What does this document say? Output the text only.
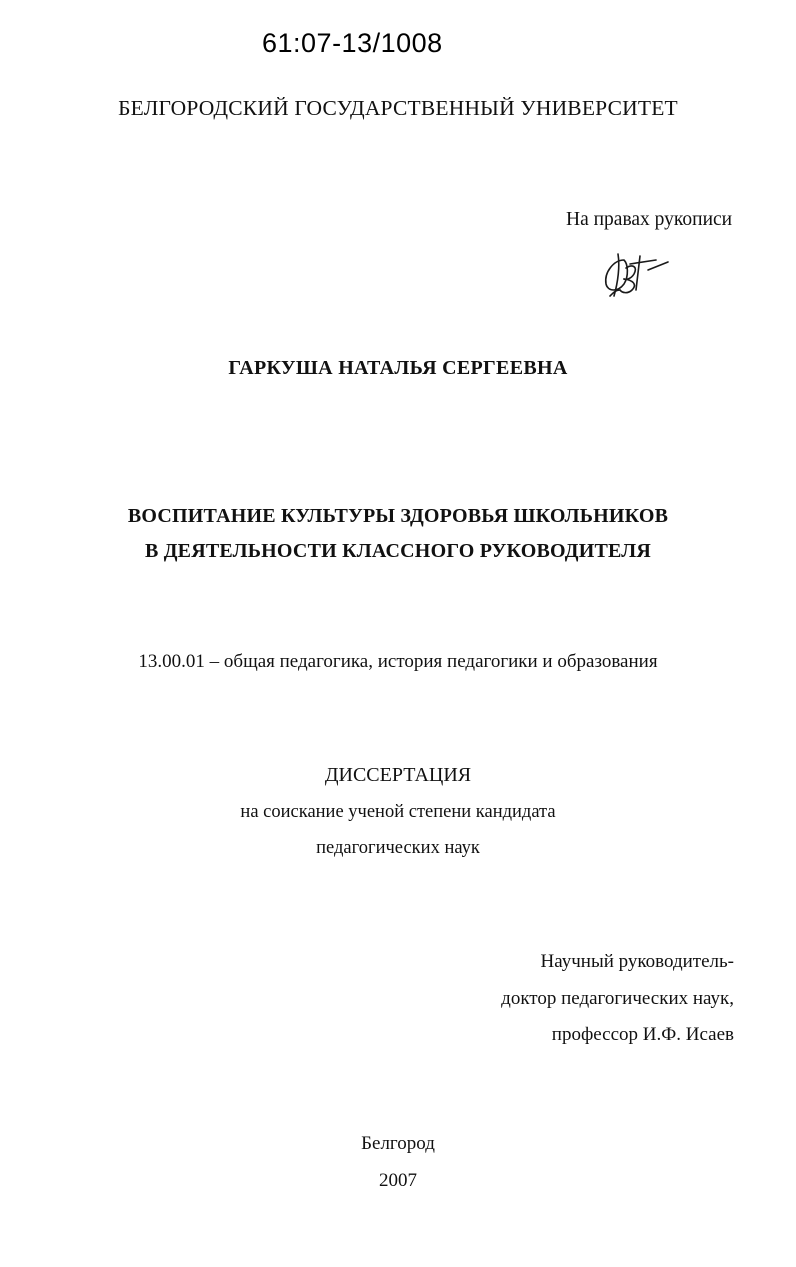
61:07-13/1008
БЕЛГОРОДСКИЙ ГОСУДАРСТВЕННЫЙ УНИВЕРСИТЕТ
На правах рукописи
ГАРКУША НАТАЛЬЯ СЕРГЕЕВНА
ВОСПИТАНИЕ КУЛЬТУРЫ ЗДОРОВЬЯ ШКОЛЬНИКОВ
В ДЕЯТЕЛЬНОСТИ КЛАССНОГО РУКОВОДИТЕЛЯ
13.00.01 – общая педагогика, история педагогики и образования
ДИССЕРТАЦИЯ
на соискание ученой степени кандидата
педагогических наук
Научный руководитель-
доктор педагогических наук,
профессор И.Ф. Исаев
Белгород
2007
